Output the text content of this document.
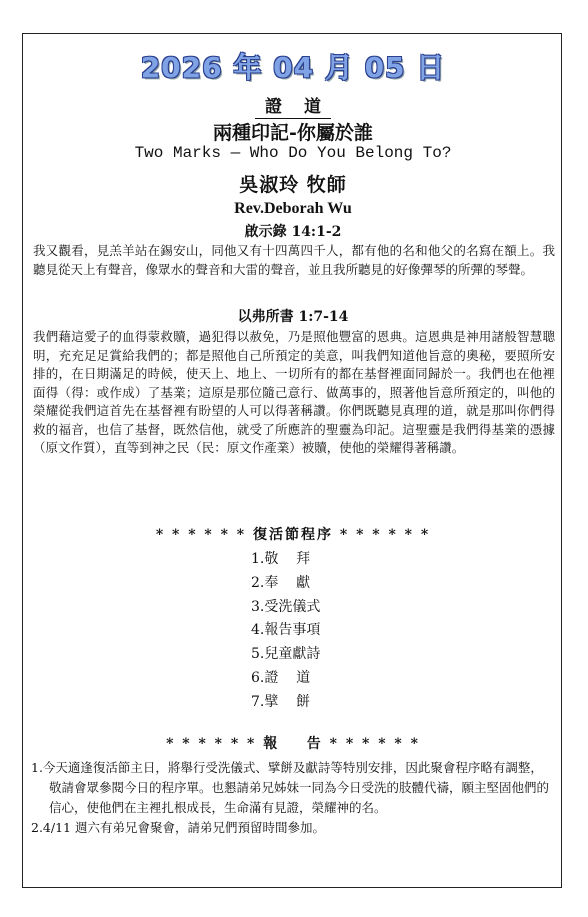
2026 年 04 月 05 日
證 道
兩種印記-你屬於誰
Two Marks — Who Do You Belong To?
吳淑玲 牧師
Rev.Deborah Wu
啟示錄 14:1-2
我又觀看，見羔羊站在錫安山，同他又有十四萬四千人，都有他的名和他父的名寫在額上。我聽見從天上有聲音，像眾水的聲音和大雷的聲音，並且我所聽見的好像彈琴的所彈的琴聲。
以弗所書 1:7-14
我們藉這愛子的血得蒙救贖，過犯得以赦免，乃是照他豐富的恩典。這恩典是神用諸般智慧聰明，充充足足賞給我們的；都是照他自己所預定的美意，叫我們知道他旨意的奧秘，要照所安排的，在日期滿足的時候，使天上、地上、一切所有的都在基督裡面同歸於一。我們也在他裡面得（得：或作成）了基業；這原是那位隨己意行、做萬事的，照著他旨意所預定的，叫他的榮耀從我們這首先在基督裡有盼望的人可以得著稱讚。你們既聽見真理的道，就是那叫你們得救的福音，也信了基督，既然信他，就受了所應許的聖靈為印記。這聖靈是我們得基業的憑據（原文作質），直等到神之民（民：原文作產業）被贖，使他的榮耀得著稱讚。
* * * * * * 復活節程序 * * * * * *
1.敬    拜
2.奉    獻
3.受洗儀式
4.報告事項
5.兒童獻詩
6.證    道
7.擘    餅
* * * * * * 報    告 * * * * * *
1.今天適逢復活節主日，將舉行受洗儀式、擘餅及獻詩等特別安排，因此聚會程序略有調整，敬請會眾參閱今日的程序單。也懇請弟兄姊妹一同為今日受洗的肢體代禱，願主堅固他們的信心，使他們在主裡扎根成長，生命滿有見證，榮耀神的名。
2.4/11 週六有弟兄會聚會，請弟兄們預留時間參加。
